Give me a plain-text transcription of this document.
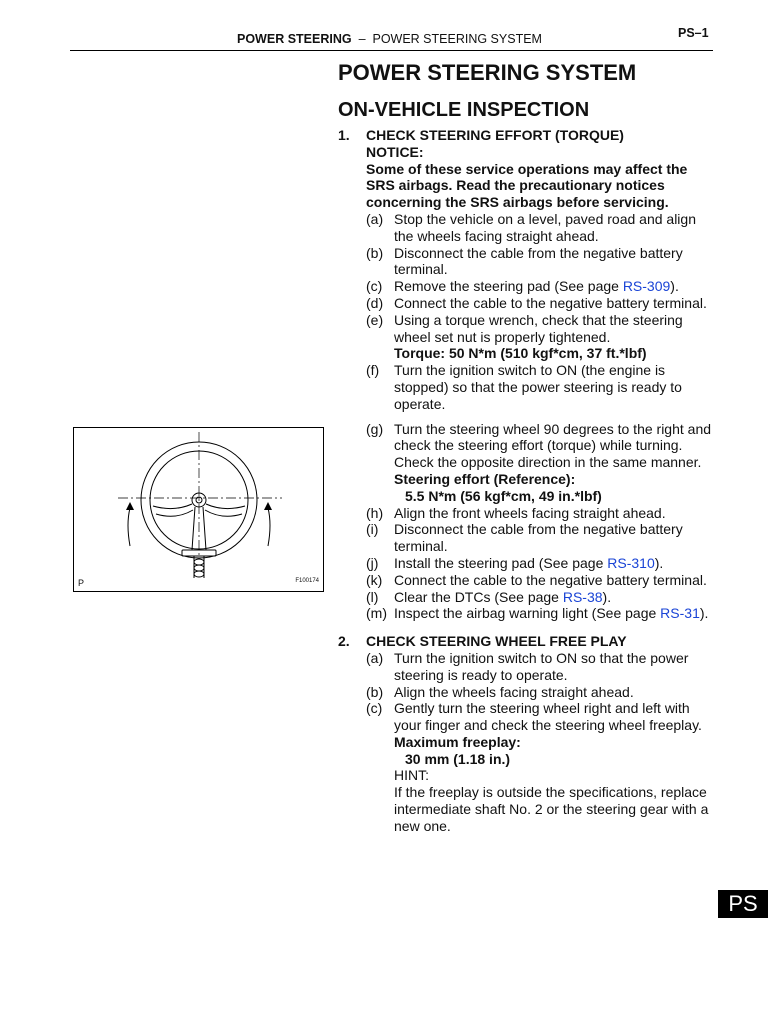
POWER STEERING – POWER STEERING SYSTEM	PS–1
POWER STEERING SYSTEM
ON-VEHICLE INSPECTION
1.	CHECK STEERING EFFORT (TORQUE)
NOTICE:
Some of these service operations may affect the SRS airbags. Read the precautionary notices concerning the SRS airbags before servicing.
(a) Stop the vehicle on a level, paved road and align the wheels facing straight ahead.
(b) Disconnect the cable from the negative battery terminal.
(c) Remove the steering pad (See page RS-309).
(d) Connect the cable to the negative battery terminal.
(e) Using a torque wrench, check that the steering wheel set nut is properly tightened.
Torque: 50 N*m (510 kgf*cm, 37 ft.*lbf)
(f)	Turn the ignition switch to ON (the engine is stopped) so that the power steering is ready to operate.
(g) Turn the steering wheel 90 degrees to the right and check the steering effort (torque) while turning. Check the opposite direction in the same manner.
Steering effort (Reference):
5.5 N*m (56 kgf*cm, 49 in.*lbf)
(h) Align the front wheels facing straight ahead.
(i)	Disconnect the cable from the negative battery terminal.
(j)	Install the steering pad (See page RS-310).
(k) Connect the cable to the negative battery terminal.
(l)	Clear the DTCs (See page RS-38).
(m) Inspect the airbag warning light (See page RS-31).
2.	CHECK STEERING WHEEL FREE PLAY
(a) Turn the ignition switch to ON so that the power steering is ready to operate.
(b) Align the wheels facing straight ahead.
(c) Gently turn the steering wheel right and left with your finger and check the steering wheel freeplay.
Maximum freeplay:
30 mm (1.18 in.)
HINT:
If the freeplay is outside the specifications, replace intermediate shaft No. 2 or the steering gear with a new one.
P	F100174
PS
